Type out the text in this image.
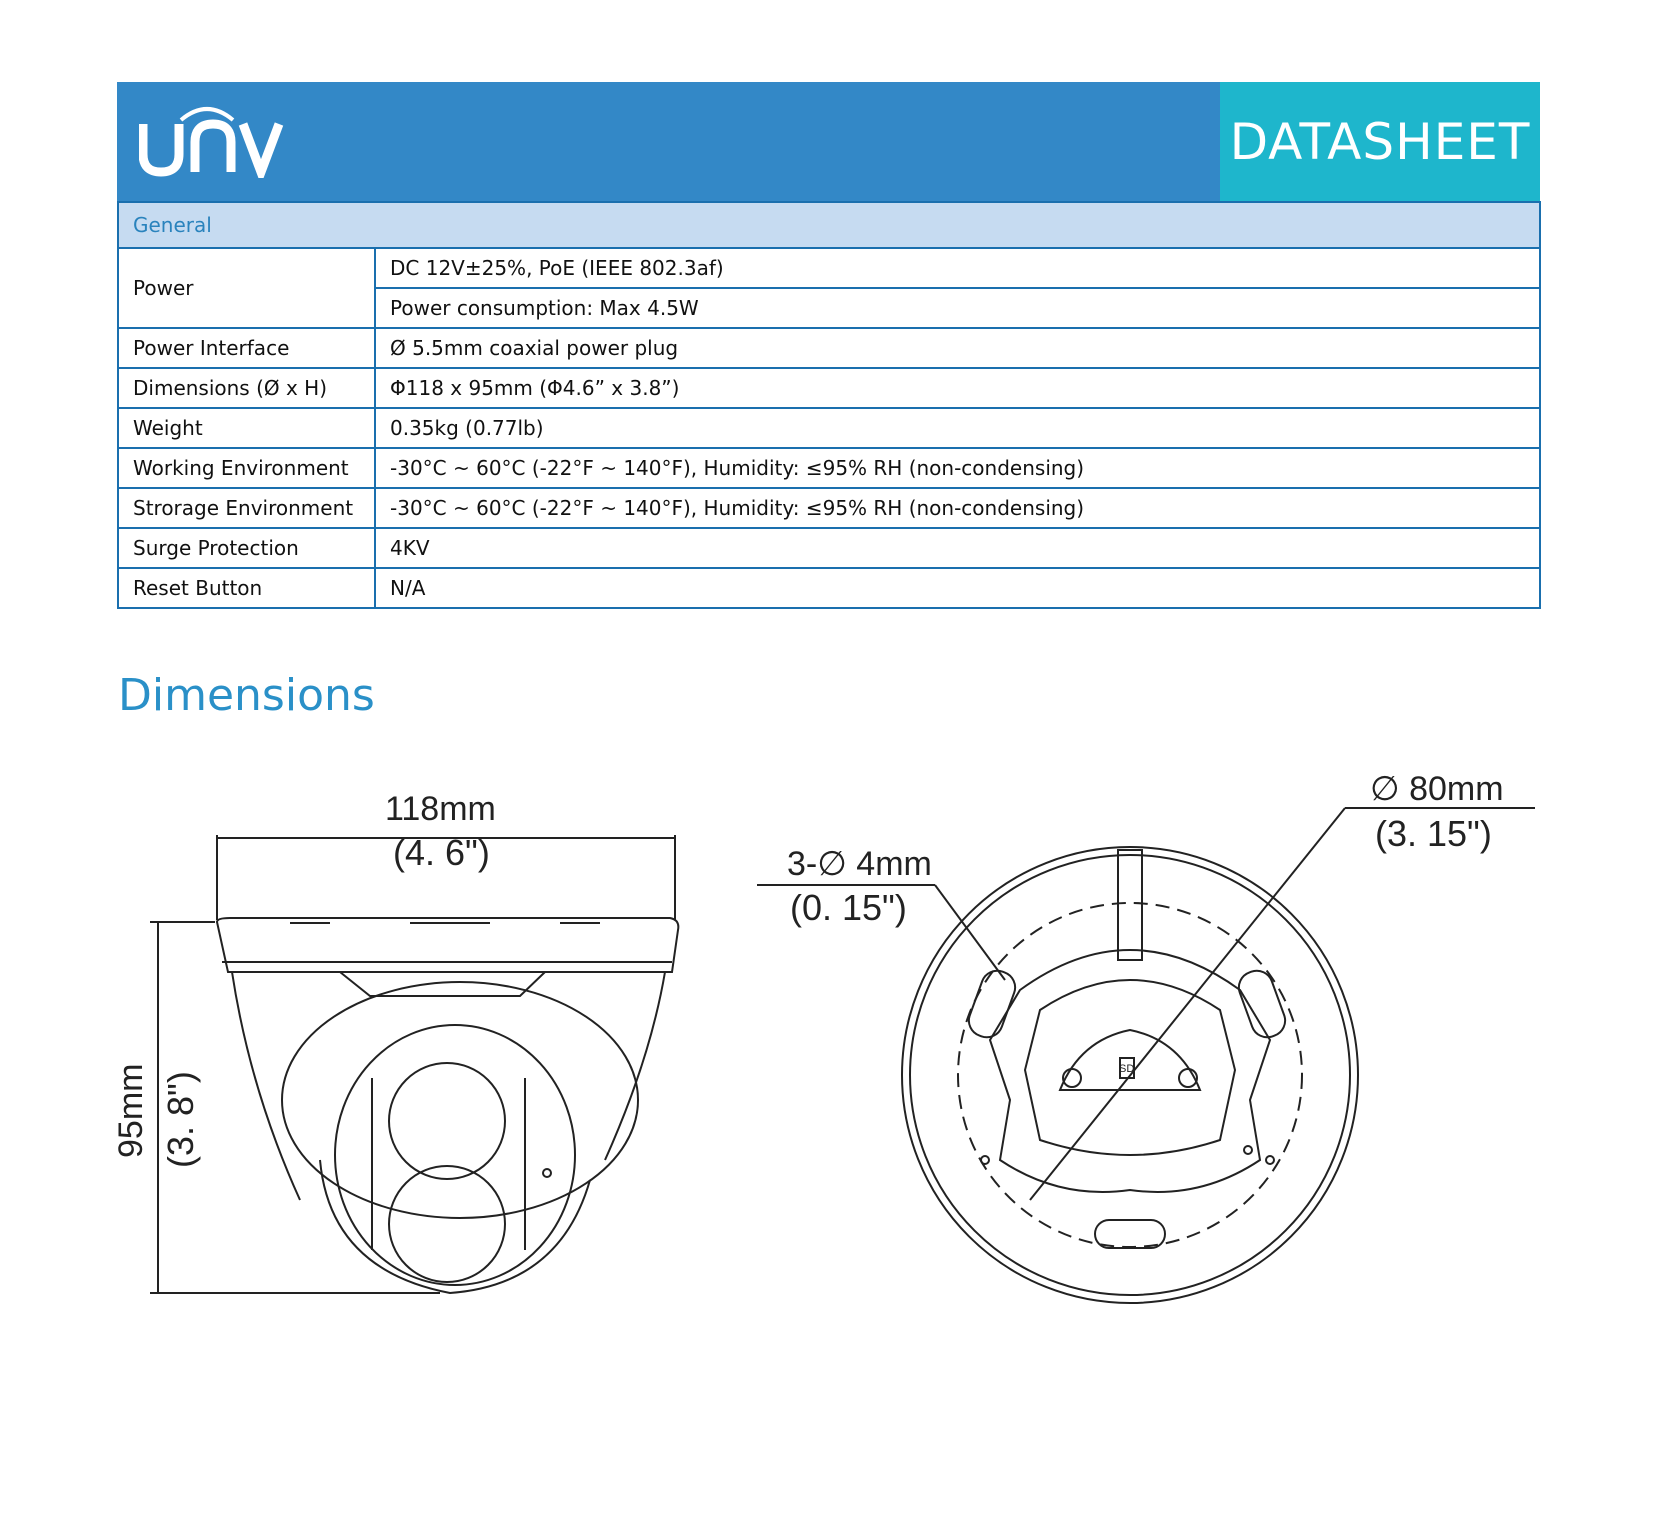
DATASHEET
General	
Power	DC 12V±25%, PoE (IEEE 802.3af)
	Power consumption: Max 4.5W
Power Interface	Ø 5.5mm coaxial power plug
Dimensions (Ø x H)	Φ118 x 95mm (Φ4.6” x 3.8”)
Weight	0.35kg (0.77lb)
Working Environment	-30°C ~ 60°C (-22°F ~ 140°F), Humidity: ≤95% RH (non-condensing)
Strorage Environment	-30°C ~ 60°C (-22°F ~ 140°F), Humidity: ≤95% RH (non-condensing)
Surge Protection	4KV
Reset Button	N/A
Dimensions
118mm
(4. 6")
95mm (3. 8")
3-∅ 4mm
(0. 15")
∅ 80mm
(3. 15")
SD
